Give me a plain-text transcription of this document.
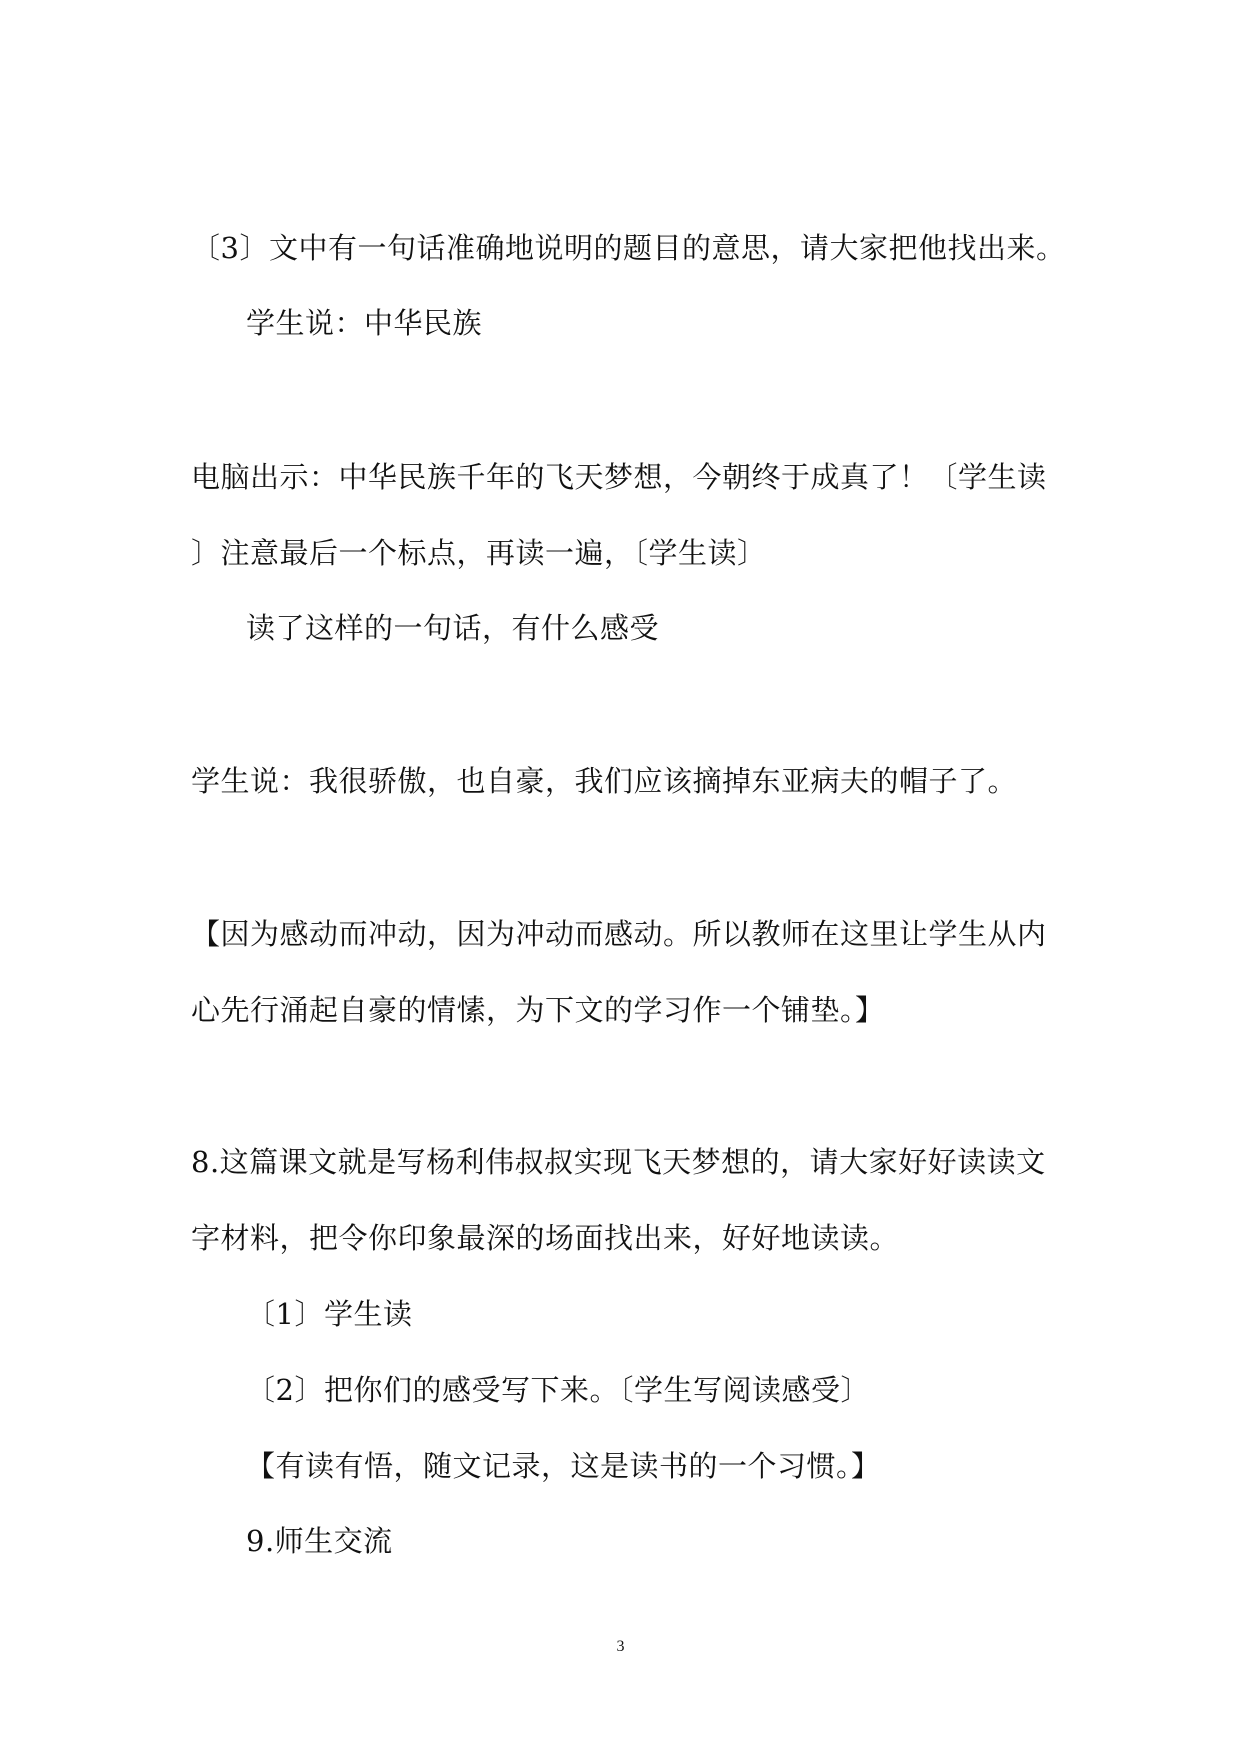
〔3〕文中有一句话准确地说明的题目的意思，请大家把他找出来。
学生说：中华民族
电脑出示：中华民族千年的飞天梦想，今朝终于成真了！〔学生读
〕注意最后一个标点，再读一遍，〔学生读〕
读了这样的一句话，有什么感受
学生说：我很骄傲，也自豪，我们应该摘掉东亚病夫的帽子了。
【因为感动而冲动，因为冲动而感动。所以教师在这里让学生从内
心先行涌起自豪的情愫，为下文的学习作一个铺垫。】
8.这篇课文就是写杨利伟叔叔实现飞天梦想的，请大家好好读读文
字材料，把令你印象最深的场面找出来，好好地读读。
〔1〕学生读
〔2〕把你们的感受写下来。〔学生写阅读感受〕
【有读有悟，随文记录，这是读书的一个习惯。】
9.师生交流
3
